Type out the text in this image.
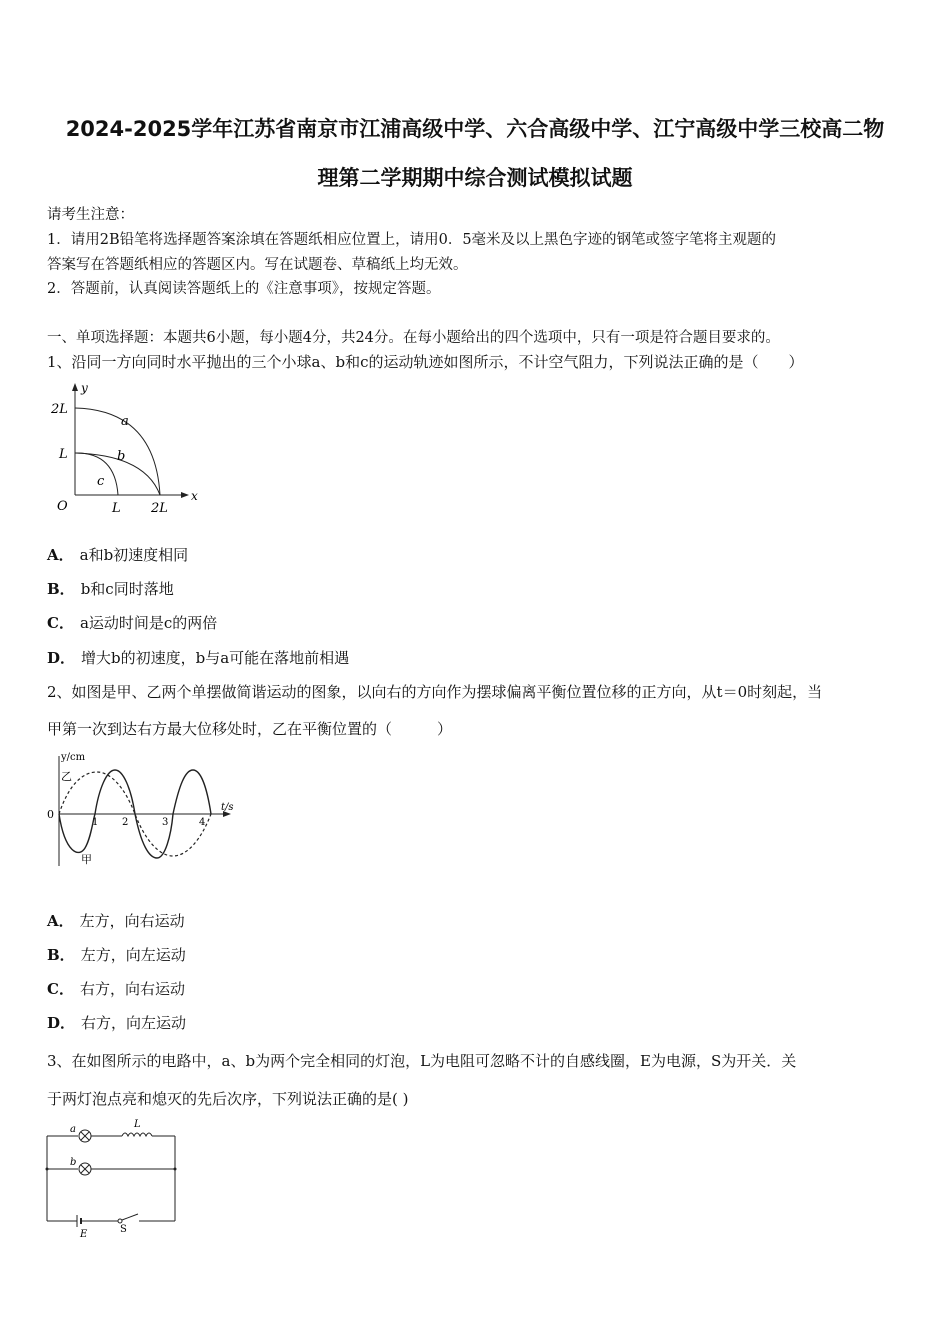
2024-2025学年江苏省南京市江浦高级中学、六合高级中学、江宁高级中学三校高二物
理第二学期期中综合测试模拟试题
请考生注意：
1．请用2B铅笔将选择题答案涂填在答题纸相应位置上，请用0．5毫米及以上黑色字迹的钢笔或签字笔将主观题的
答案写在答题纸相应的答题区内。写在试题卷、草稿纸上均无效。
2．答题前，认真阅读答题纸上的《注意事项》，按规定答题。
一、单项选择题：本题共6小题，每小题4分，共24分。在每小题给出的四个选项中，只有一项是符合题目要求的。
1、沿同一方向同时水平抛出的三个小球a、b和c的运动轨迹如图所示，不计空气阻力，下列说法正确的是（　　）
y
x
O
2L
L
L 2L
a
b
c
A． a和b初速度相同
B． b和c同时落地
C． a运动时间是c的两倍
D． 增大b的初速度，b与a可能在落地前相遇
2、如图是甲、乙两个单摆做简谐运动的图象，以向右的方向作为摆球偏离平衡位置位移的正方向，从t＝0时刻起，当
甲第一次到达右方最大位移处时，乙在平衡位置的（　　　）
y/cm
t/s
0
1 2	3	4
乙
甲
A． 左方，向右运动
B． 左方，向左运动
C． 右方，向右运动
D． 右方，向左运动
3、在如图所示的电路中，a、b为两个完全相同的灯泡，L为电阻可忽略不计的自感线圈，E为电源，S为开关．关
于两灯泡点亮和熄灭的先后次序，下列说法正确的是( )
a
b
L
E	S
